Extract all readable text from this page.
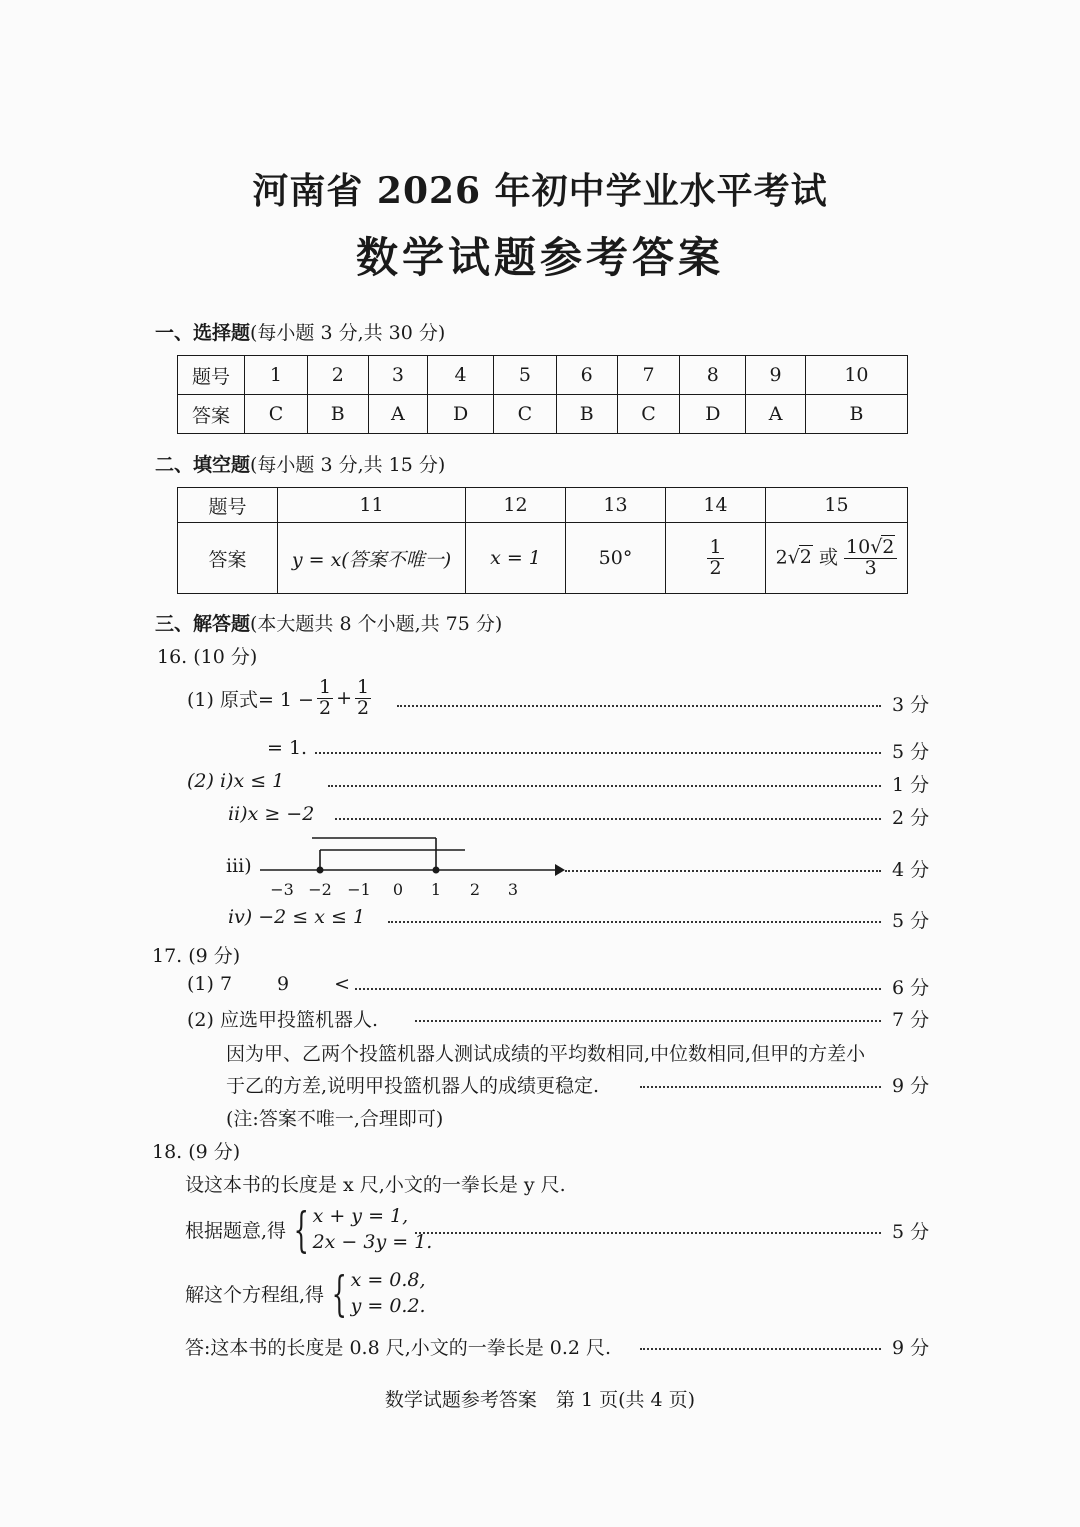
河南省 2026 年初中学业水平考试
数学试题参考答案
一、选择题(每小题 3 分,共 30 分)
题号	1	2	3	4	5	6	7	8	9	10
答案	C	B	A	D	C	B	C	D	A	B
二、填空题(每小题 3 分,共 15 分)
题号	11	12	13	14	15
答案	y = x(答案不唯一)	x = 1	50°	$\frac{1}{2}$	2√2 或 $\frac{10√2}{3}$
三、解答题(本大题共 8 个小题,共 75 分)
16. (10 分)
(1) 原式= $1 - \frac{1}{2} + \frac{1}{2}$	3 分
= 1.	5 分
(2) ⅰ)x ≤ 1	1 分
ⅱ)x ≥ −2	2 分
ⅲ)
−3 −2 −1 0 1 2 3
4 分
ⅳ) −2 ≤ x ≤ 1	5 分
17. (9 分)
(1) 7 9 <	6 分
(2) 应选甲投篮机器人.	7 分
因为甲、乙两个投篮机器人测试成绩的平均数相同,中位数相同,但甲的方差小
于乙的方差,说明甲投篮机器人的成绩更稳定.	9 分
(注:答案不唯一,合理即可)
18. (9 分)
设这本书的长度是 x 尺,小文的一拳长是 y 尺.
根据题意,得 { x + y = 1,
2x − 3y = 1.	5 分
解这个方程组,得 { x = 0.8,
y = 0.2.
答:这本书的长度是 0.8 尺,小文的一拳长是 0.2 尺.	9 分
数学试题参考答案　第 1 页(共 4 页)
